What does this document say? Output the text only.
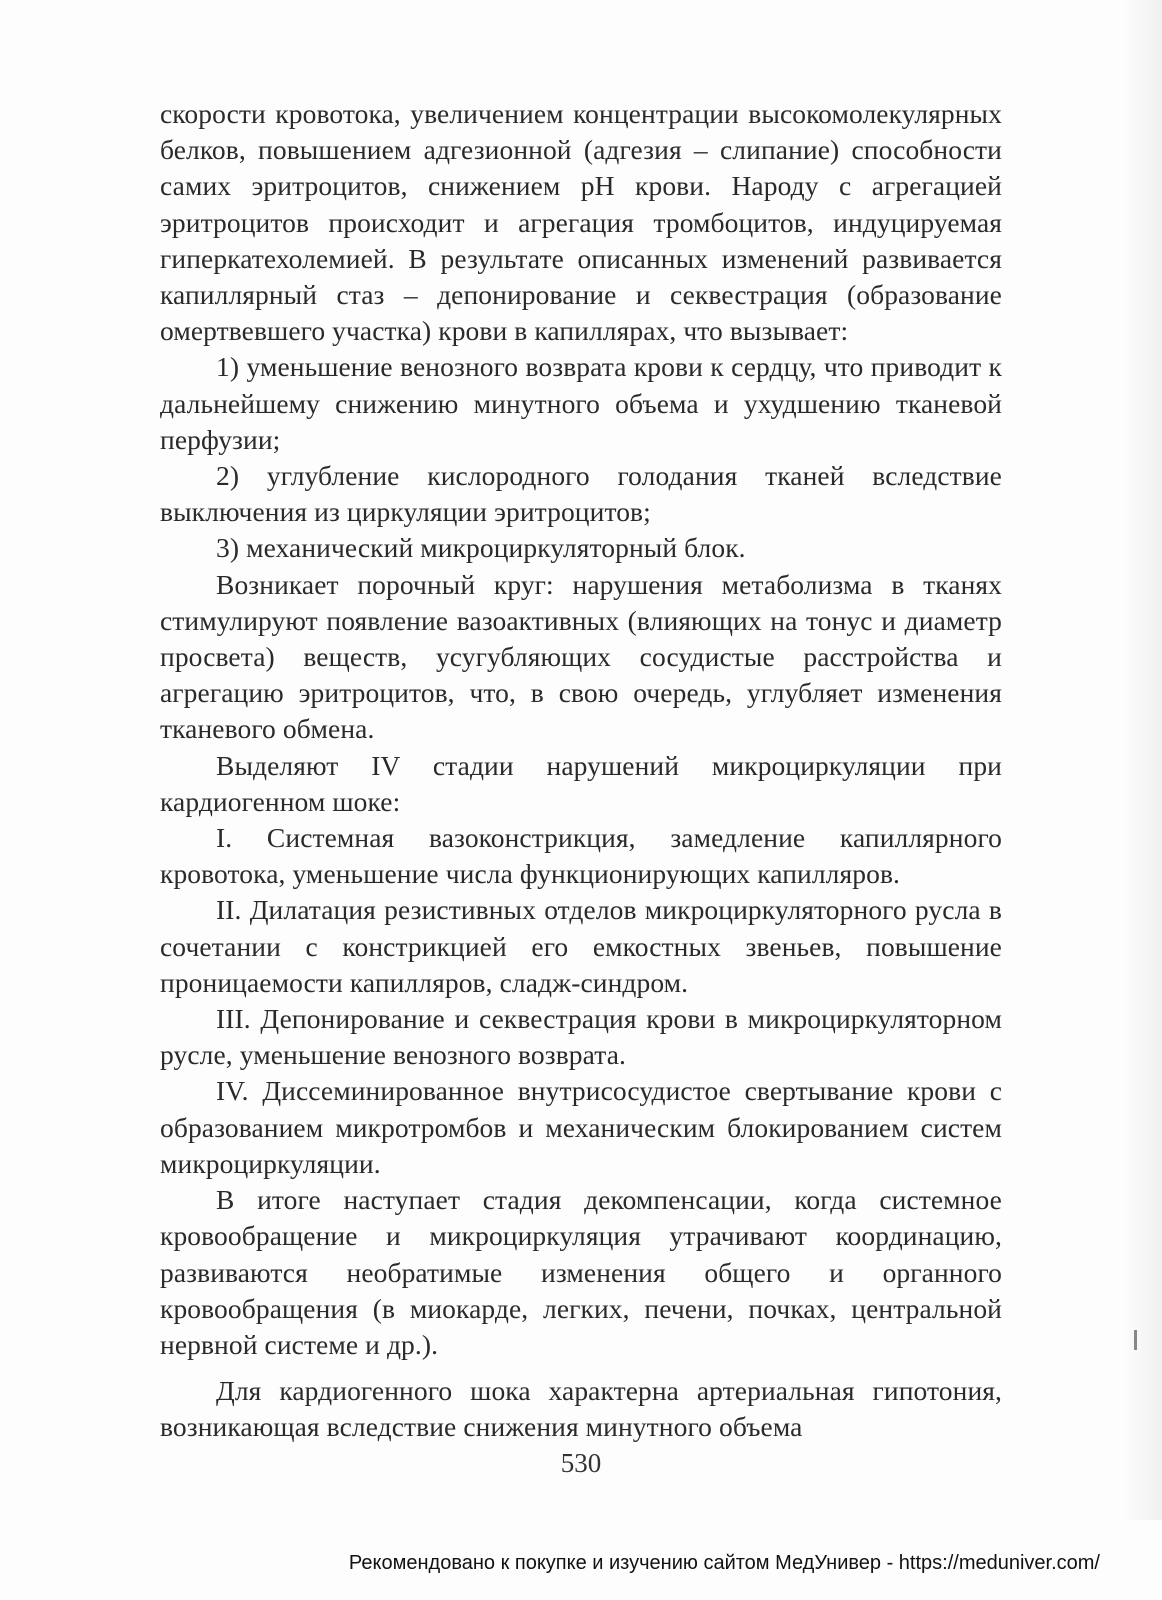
скорости кровотока, увеличением концентрации высокомолекулярных белков, повышением адгезионной (адгезия – слипание) способности самих эритроцитов, снижением рН крови. Народу с агрегацией эритроцитов происходит и агрегация тромбоцитов, индуцируемая гиперкатехолемией. В результате описанных изменений развивается капиллярный стаз – депонирование и секвестрация (образование омертвевшего участка) крови в капиллярах, что вызывает:

1) уменьшение венозного возврата крови к сердцу, что приводит к дальнейшему снижению минутного объема и ухудшению тканевой перфузии;

2) углубление кислородного голодания тканей вследствие выключения из циркуляции эритроцитов;

3) механический микроциркуляторный блок.

Возникает порочный круг: нарушения метаболизма в тканях стимулируют появление вазоактивных (влияющих на тонус и диаметр просвета) веществ, усугубляющих сосудистые расстройства и агрегацию эритроцитов, что, в свою очередь, углубляет изменения тканевого обмена.

Выделяют IV стадии нарушений микроциркуляции при кардиогенном шоке:

I. Системная вазоконстрикция, замедление капиллярного кровотока, уменьшение числа функционирующих капилляров.

II. Дилатация резистивных отделов микроциркуляторного русла в сочетании с констрикцией его емкостных звеньев, повышение проницаемости капилляров, сладж-синдром.

III. Депонирование и секвестрация крови в микроциркуляторном русле, уменьшение венозного возврата.

IV. Диссеминированное внутрисосудистое свертывание крови с образованием микротромбов и механическим блокированием систем микроциркуляции.

В итоге наступает стадия декомпенсации, когда системное кровообращение и микроциркуляция утрачивают координацию, развиваются необратимые изменения общего и органного кровообращения (в миокарде, легких, печени, почках, центральной нервной системе и др.).

Для кардиогенного шока характерна артериальная гипотония, возникающая вследствие снижения минутного объема

530
Рекомендовано к покупке и изучению сайтом МедУнивер - https://meduniver.com/
